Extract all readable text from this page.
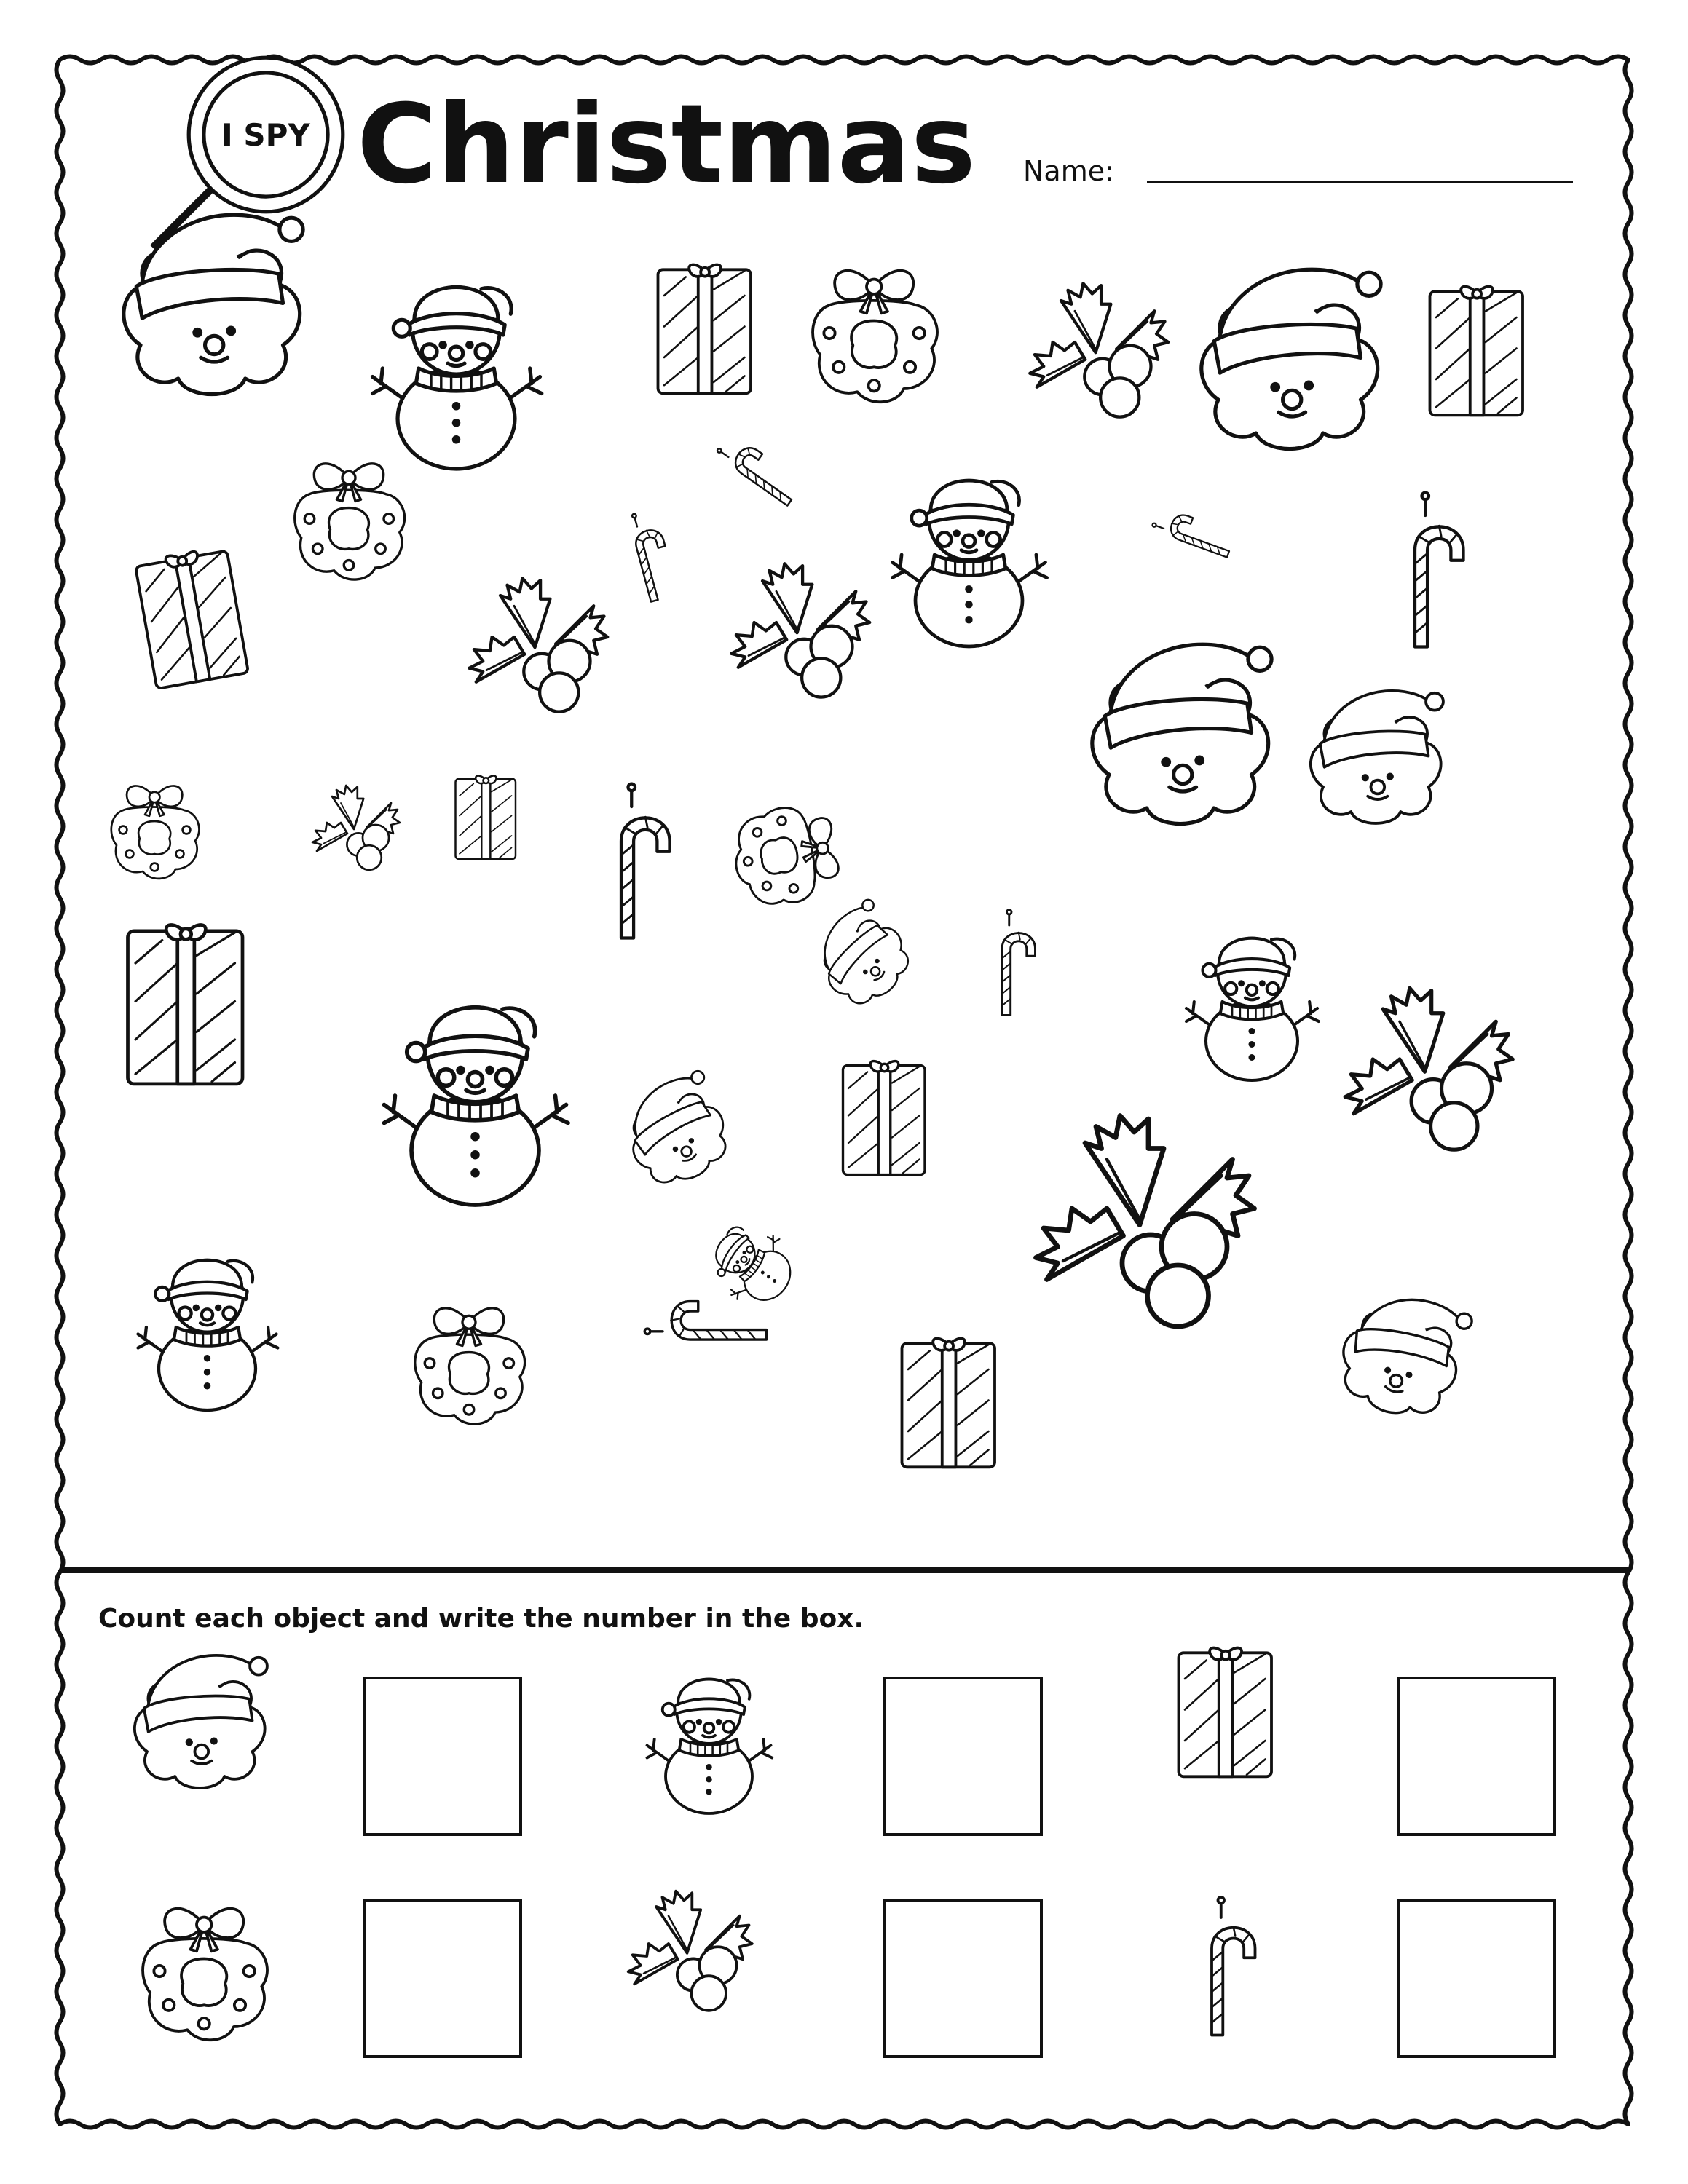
I SPY Christmas Name:
Count each object and write the number in the box.
